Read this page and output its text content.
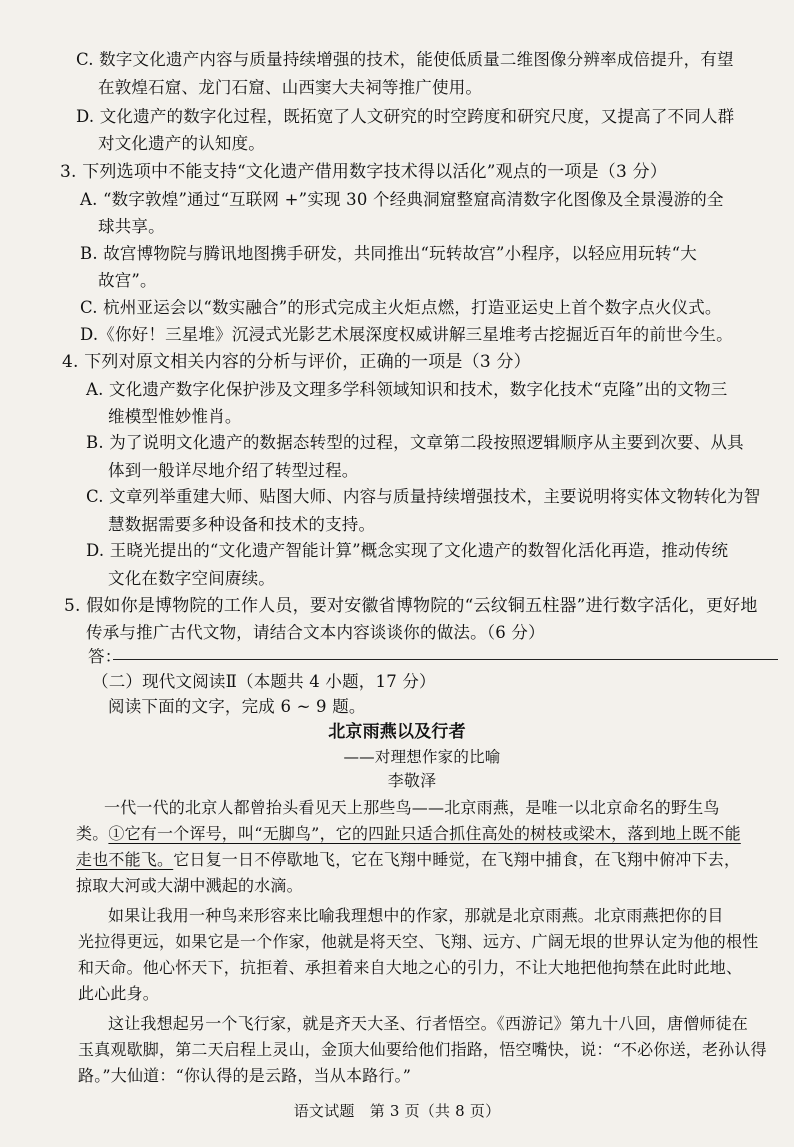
C. 数字文化遗产内容与质量持续增强的技术，能使低质量二维图像分辨率成倍提升，有望
在敦煌石窟、龙门石窟、山西窦大夫祠等推广使用。
D. 文化遗产的数字化过程，既拓宽了人文研究的时空跨度和研究尺度，又提高了不同人群
对文化遗产的认知度。
3. 下列选项中不能支持“文化遗产借用数字技术得以活化”观点的一项是（3 分）
A. “数字敦煌”通过“互联网 +”实现 30 个经典洞窟整窟高清数字化图像及全景漫游的全
球共享。
B. 故宫博物院与腾讯地图携手研发，共同推出“玩转故宫”小程序，以轻应用玩转“大
故宫”。
C. 杭州亚运会以“数实融合”的形式完成主火炬点燃，打造亚运史上首个数字点火仪式。
D.《你好！三星堆》沉浸式光影艺术展深度权威讲解三星堆考古挖掘近百年的前世今生。
4. 下列对原文相关内容的分析与评价，正确的一项是（3 分）
A. 文化遗产数字化保护涉及文理多学科领域知识和技术，数字化技术“克隆”出的文物三
维模型惟妙惟肖。
B. 为了说明文化遗产的数据态转型的过程，文章第二段按照逻辑顺序从主要到次要、从具
体到一般详尽地介绍了转型过程。
C. 文章列举重建大师、贴图大师、内容与质量持续增强技术，主要说明将实体文物转化为智
慧数据需要多种设备和技术的支持。
D. 王晓光提出的“文化遗产智能计算”概念实现了文化遗产的数智化活化再造，推动传统
文化在数字空间赓续。
5. 假如你是博物院的工作人员，要对安徽省博物院的“云纹铜五柱器”进行数字活化，更好地
传承与推广古代文物，请结合文本内容谈谈你的做法。（6 分）
答：
（二）现代文阅读Ⅱ（本题共 4 小题，17 分）
阅读下面的文字，完成 6 ~ 9 题。
北京雨燕以及行者
——对理想作家的比喻
李敬泽
一代一代的北京人都曾抬头看见天上那些鸟——北京雨燕，是唯一以北京命名的野生鸟
类。①它有一个诨号，叫“无脚鸟”，它的四趾只适合抓住高处的树枝或梁木，落到地上既不能
走也不能飞。它日复一日不停歇地飞，它在飞翔中睡觉，在飞翔中捕食，在飞翔中俯冲下去，
掠取大河或大湖中溅起的水滴。
如果让我用一种鸟来形容来比喻我理想中的作家，那就是北京雨燕。北京雨燕把你的目
光拉得更远，如果它是一个作家，他就是将天空、飞翔、远方、广阔无垠的世界认定为他的根性
和天命。他心怀天下，抗拒着、承担着来自大地之心的引力，不让大地把他拘禁在此时此地、
此心此身。
这让我想起另一个飞行家，就是齐天大圣、行者悟空。《西游记》第九十八回，唐僧师徒在
玉真观歇脚，第二天启程上灵山，金顶大仙要给他们指路，悟空嘴快，说：“不必你送，老孙认得
路。”大仙道：“你认得的是云路，当从本路行。”
语文试题　第 3 页（共 8 页）
